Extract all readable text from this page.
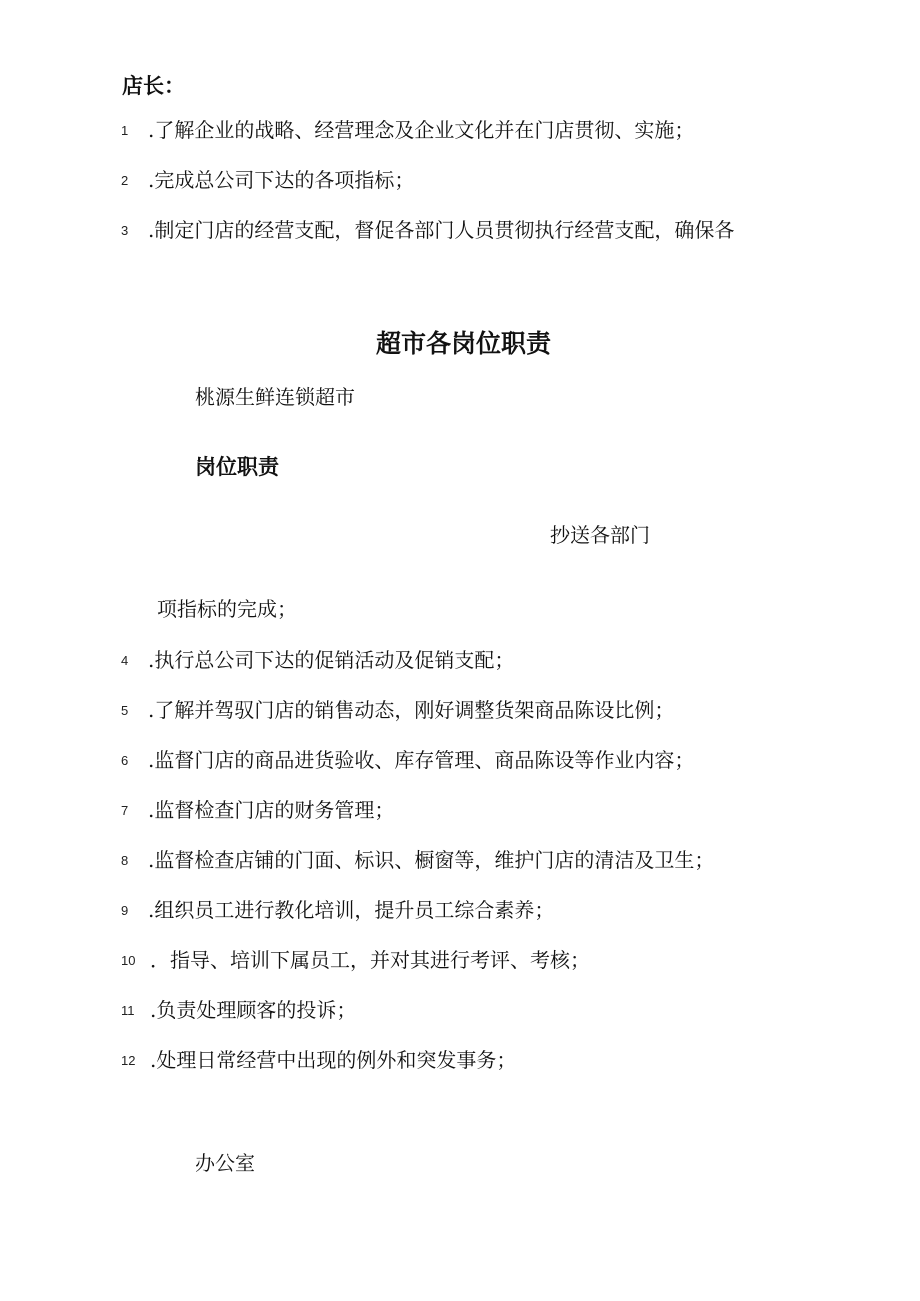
店长：
1 .了解企业的战略、经营理念及企业文化并在门店贯彻、实施；
2 .完成总公司下达的各项指标；
3 .制定门店的经营支配，督促各部门人员贯彻执行经营支配，确保各
超市各岗位职责
桃源生鲜连锁超市
岗位职责
抄送各部门
项指标的完成；
4 .执行总公司下达的促销活动及促销支配；
5 .了解并驾驭门店的销售动态，刚好调整货架商品陈设比例；
6 .监督门店的商品进货验收、库存管理、商品陈设等作业内容；
7 .监督检查门店的财务管理；
8 .监督检查店铺的门面、标识、橱窗等，维护门店的清洁及卫生；
9 .组织员工进行教化培训，提升员工综合素养；
10 ．指导、培训下属员工，并对其进行考评、考核；
11 .负责处理顾客的投诉；
12 .处理日常经营中出现的例外和突发事务；
办公室
